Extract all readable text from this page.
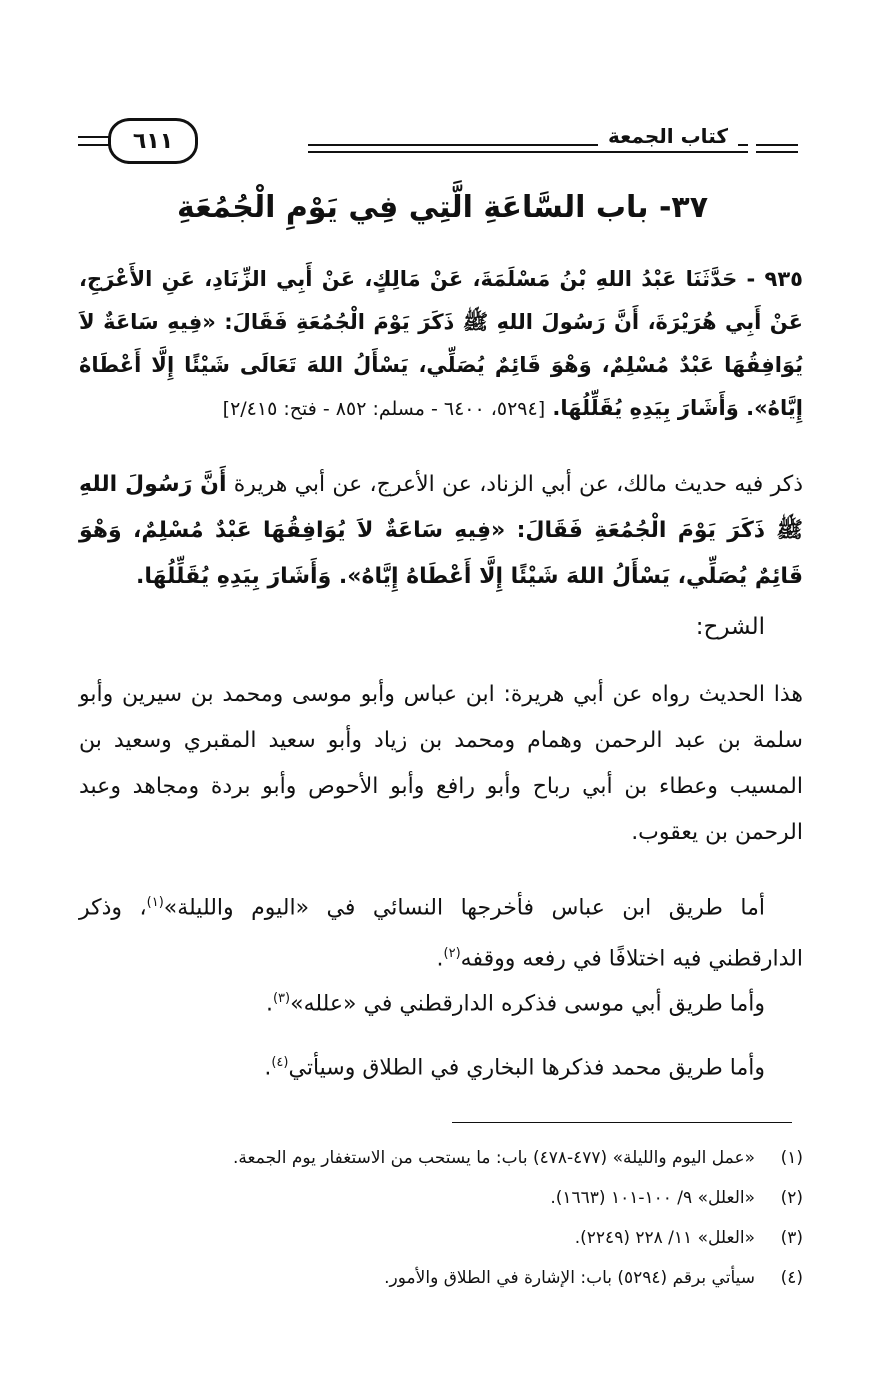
كتاب الجمعة
٦١١
٣٧- باب السَّاعَةِ الَّتِي فِي يَوْمِ الْجُمُعَةِ
٩٣٥ - حَدَّثَنَا عَبْدُ اللهِ بْنُ مَسْلَمَةَ، عَنْ مَالِكٍ، عَنْ أَبِي الزِّنَادِ، عَنِ الأَعْرَجِ، عَنْ أَبِي هُرَيْرَةَ، أَنَّ رَسُولَ اللهِ ﷺ ذَكَرَ يَوْمَ الْجُمُعَةِ فَقَالَ: «فِيهِ سَاعَةٌ لاَ يُوَافِقُهَا عَبْدٌ مُسْلِمٌ، وَهْوَ قَائِمٌ يُصَلِّي، يَسْأَلُ اللهَ تَعَالَى شَيْئًا إِلَّا أَعْطَاهُ إِيَّاهُ». وَأَشَارَ بِيَدِهِ يُقَلِّلُهَا. [٥٢٩٤، ٦٤٠٠ - مسلم: ٨٥٢ - فتح: ٢/٤١٥]
ذكر فيه حديث مالك، عن أبي الزناد، عن الأعرج، عن أبي هريرة أَنَّ رَسُولَ اللهِ ﷺ ذَكَرَ يَوْمَ الْجُمُعَةِ فَقَالَ: «فِيهِ سَاعَةٌ لاَ يُوَافِقُهَا عَبْدٌ مُسْلِمٌ، وَهْوَ قَائِمٌ يُصَلِّي، يَسْأَلُ اللهَ شَيْئًا إِلَّا أَعْطَاهُ إِيَّاهُ». وَأَشَارَ بِيَدِهِ يُقَلِّلُهَا.
الشرح:
هذا الحديث رواه عن أبي هريرة: ابن عباس وأبو موسى ومحمد بن سيرين وأبو سلمة بن عبد الرحمن وهمام ومحمد بن زياد وأبو سعيد المقبري وسعيد بن المسيب وعطاء بن أبي رباح وأبو رافع وأبو الأحوص وأبو بردة ومجاهد وعبد الرحمن بن يعقوب.
أما طريق ابن عباس فأخرجها النسائي في «اليوم والليلة»$^{(١)}$، وذكر الدارقطني فيه اختلافًا في رفعه ووقفه$^{(٢)}$.
وأما طريق أبي موسى فذكره الدارقطني في «علله»$^{(٣)}$.
وأما طريق محمد فذكرها البخاري في الطلاق وسيأتي$^{(٤)}$.
(١)
«عمل اليوم والليلة» (٤٧٧-٤٧٨) باب: ما يستحب من الاستغفار يوم الجمعة.
(٢)
«العلل» ٩/ ١٠٠-١٠١ (١٦٦٣).
(٣)
«العلل» ١١/ ٢٢٨ (٢٢٤٩).
(٤)
سيأتي برقم (٥٢٩٤) باب: الإشارة في الطلاق والأمور.
